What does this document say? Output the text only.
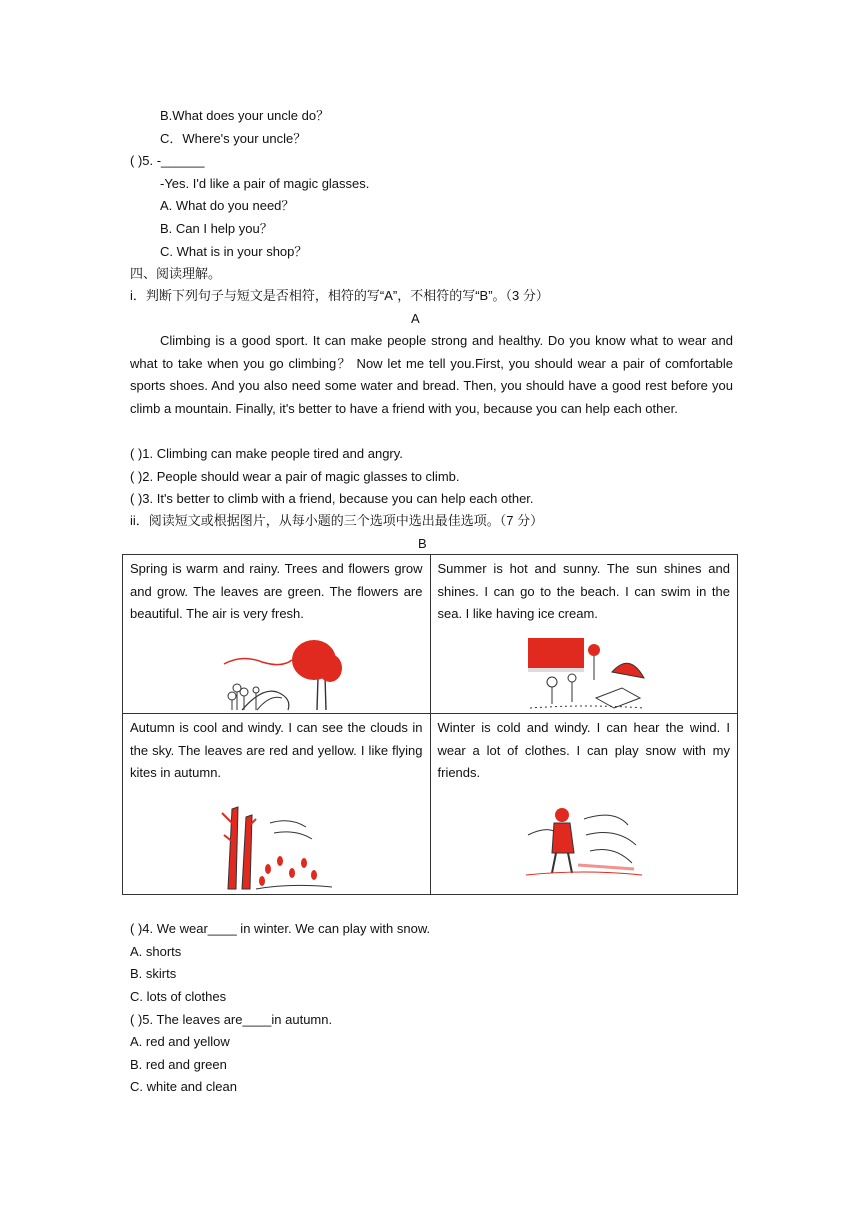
B.What does your uncle do？
C．Where's your uncle？
( )5. -______
-Yes. I'd like a pair of magic glasses.
A. What do you need？
B. Can I help you？
C. What is in your shop？
四、阅读理解。
i．判断下列句子与短文是否相符，相符的写“A”，不相符的写“B”。（3 分）
A
Climbing is a good sport. It can make people strong and healthy. Do you know what to wear and what to take when you go climbing？ Now let me tell you.First, you should wear a pair of comfortable sports shoes. And you also need some water and bread. Then, you should have a good rest before you climb a mountain. Finally, it's better to have a friend with you, because you can help each other.
( )1. Climbing can make people tired and angry.
( )2. People should wear a pair of magic glasses to climb.
( )3. It's better to climb with a friend, because you can help each other.
ii．阅读短文或根据图片，从每小题的三个选项中选出最佳选项。（7 分）
B
Spring is warm and rainy. Trees and flowers grow and grow. The leaves are green. The flowers are beautiful. The air is very fresh.	Summer is hot and sunny. The sun shines and shines. I can go to the beach. I can swim in the sea. I like having ice cream.

Autumn is cool and windy. I can see the clouds in the sky. The leaves are red and yellow. I like flying kites in autumn.	Winter is cold and windy. I can hear the wind. I wear a lot of clothes. I can play snow with my friends.
( )4. We wear____ in winter. We can play with snow.
A. shorts
B. skirts
C. lots of clothes
( )5. The leaves are____in autumn.
A. red and yellow
B. red and green
C. white and clean
